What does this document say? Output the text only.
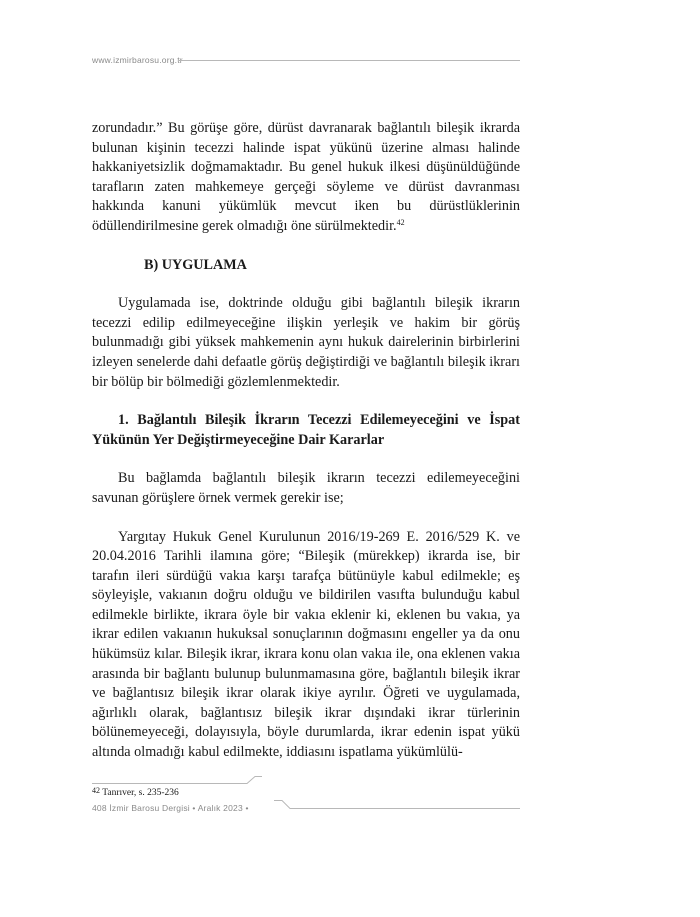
www.izmirbarosu.org.tr

zorundadır.” Bu görüşe göre, dürüst davranarak bağlantılı bileşik ikrarda bulunan kişinin tecezzi halinde ispat yükünü üzerine alması halinde hakkaniyetsizlik doğmamaktadır. Bu genel hukuk ilkesi düşünüldüğünde tarafların zaten mahkemeye gerçeği söyleme ve dürüst davranması hakkında kanuni yükümlük mevcut iken bu dürüstlüklerinin ödüllendirilmesine gerek olmadığı öne sürülmektedir.$^{42}$

B) UYGULAMA

Uygulamada ise, doktrinde olduğu gibi bağlantılı bileşik ikrarın tecezzi edilip edilmeyeceğine ilişkin yerleşik ve hakim bir görüş bulunmadığı gibi yüksek mahkemenin aynı hukuk dairelerinin birbirlerini izleyen senelerde dahi defaatle görüş değiştirdiği ve bağlantılı bileşik ikrarı bir bölüp bir bölmediği gözlemlenmektedir.

1. Bağlantılı Bileşik İkrarın Tecezzi Edilemeyeceğini ve İspat Yükünün Yer Değiştirmeyeceğine Dair Kararlar

Bu bağlamda bağlantılı bileşik ikrarın tecezzi edilemeyeceğini savunan görüşlere örnek vermek gerekir ise;

Yargıtay Hukuk Genel Kurulunun 2016/19-269 E. 2016/529 K. ve 20.04.2016 Tarihli ilamına göre; “Bileşik (mürekkep) ikrarda ise, bir tarafın ileri sürdüğü vakıa karşı tarafça bütünüyle kabul edilmekle; eş söyleyişle, vakıanın doğru olduğu ve bildirilen vasıfta bulunduğu kabul edilmekle birlikte, ikrara öyle bir vakıa eklenir ki, eklenen bu vakıa, ya ikrar edilen vakıanın hukuksal sonuçlarının doğmasını engeller ya da onu hükümsüz kılar. Bileşik ikrar, ikrara konu olan vakıa ile, ona eklenen vakıa arasında bir bağlantı bulunup bulunmamasına göre, bağlantılı bileşik ikrar ve bağlantısız bileşik ikrar olarak ikiye ayrılır. Öğreti ve uygulamada, ağırlıklı olarak, bağlantısız bileşik ikrar dışındaki ikrar türlerinin bölünemeyeceği, dolayısıyla, böyle durumlarda, ikrar edenin ispat yükü altında olmadığı kabul edilmekte, iddiasını ispatlama yükümlülü-

$^{42}$ Tanrıver, s. 235-236
408 İzmir Barosu Dergisi • Aralık 2023 •
